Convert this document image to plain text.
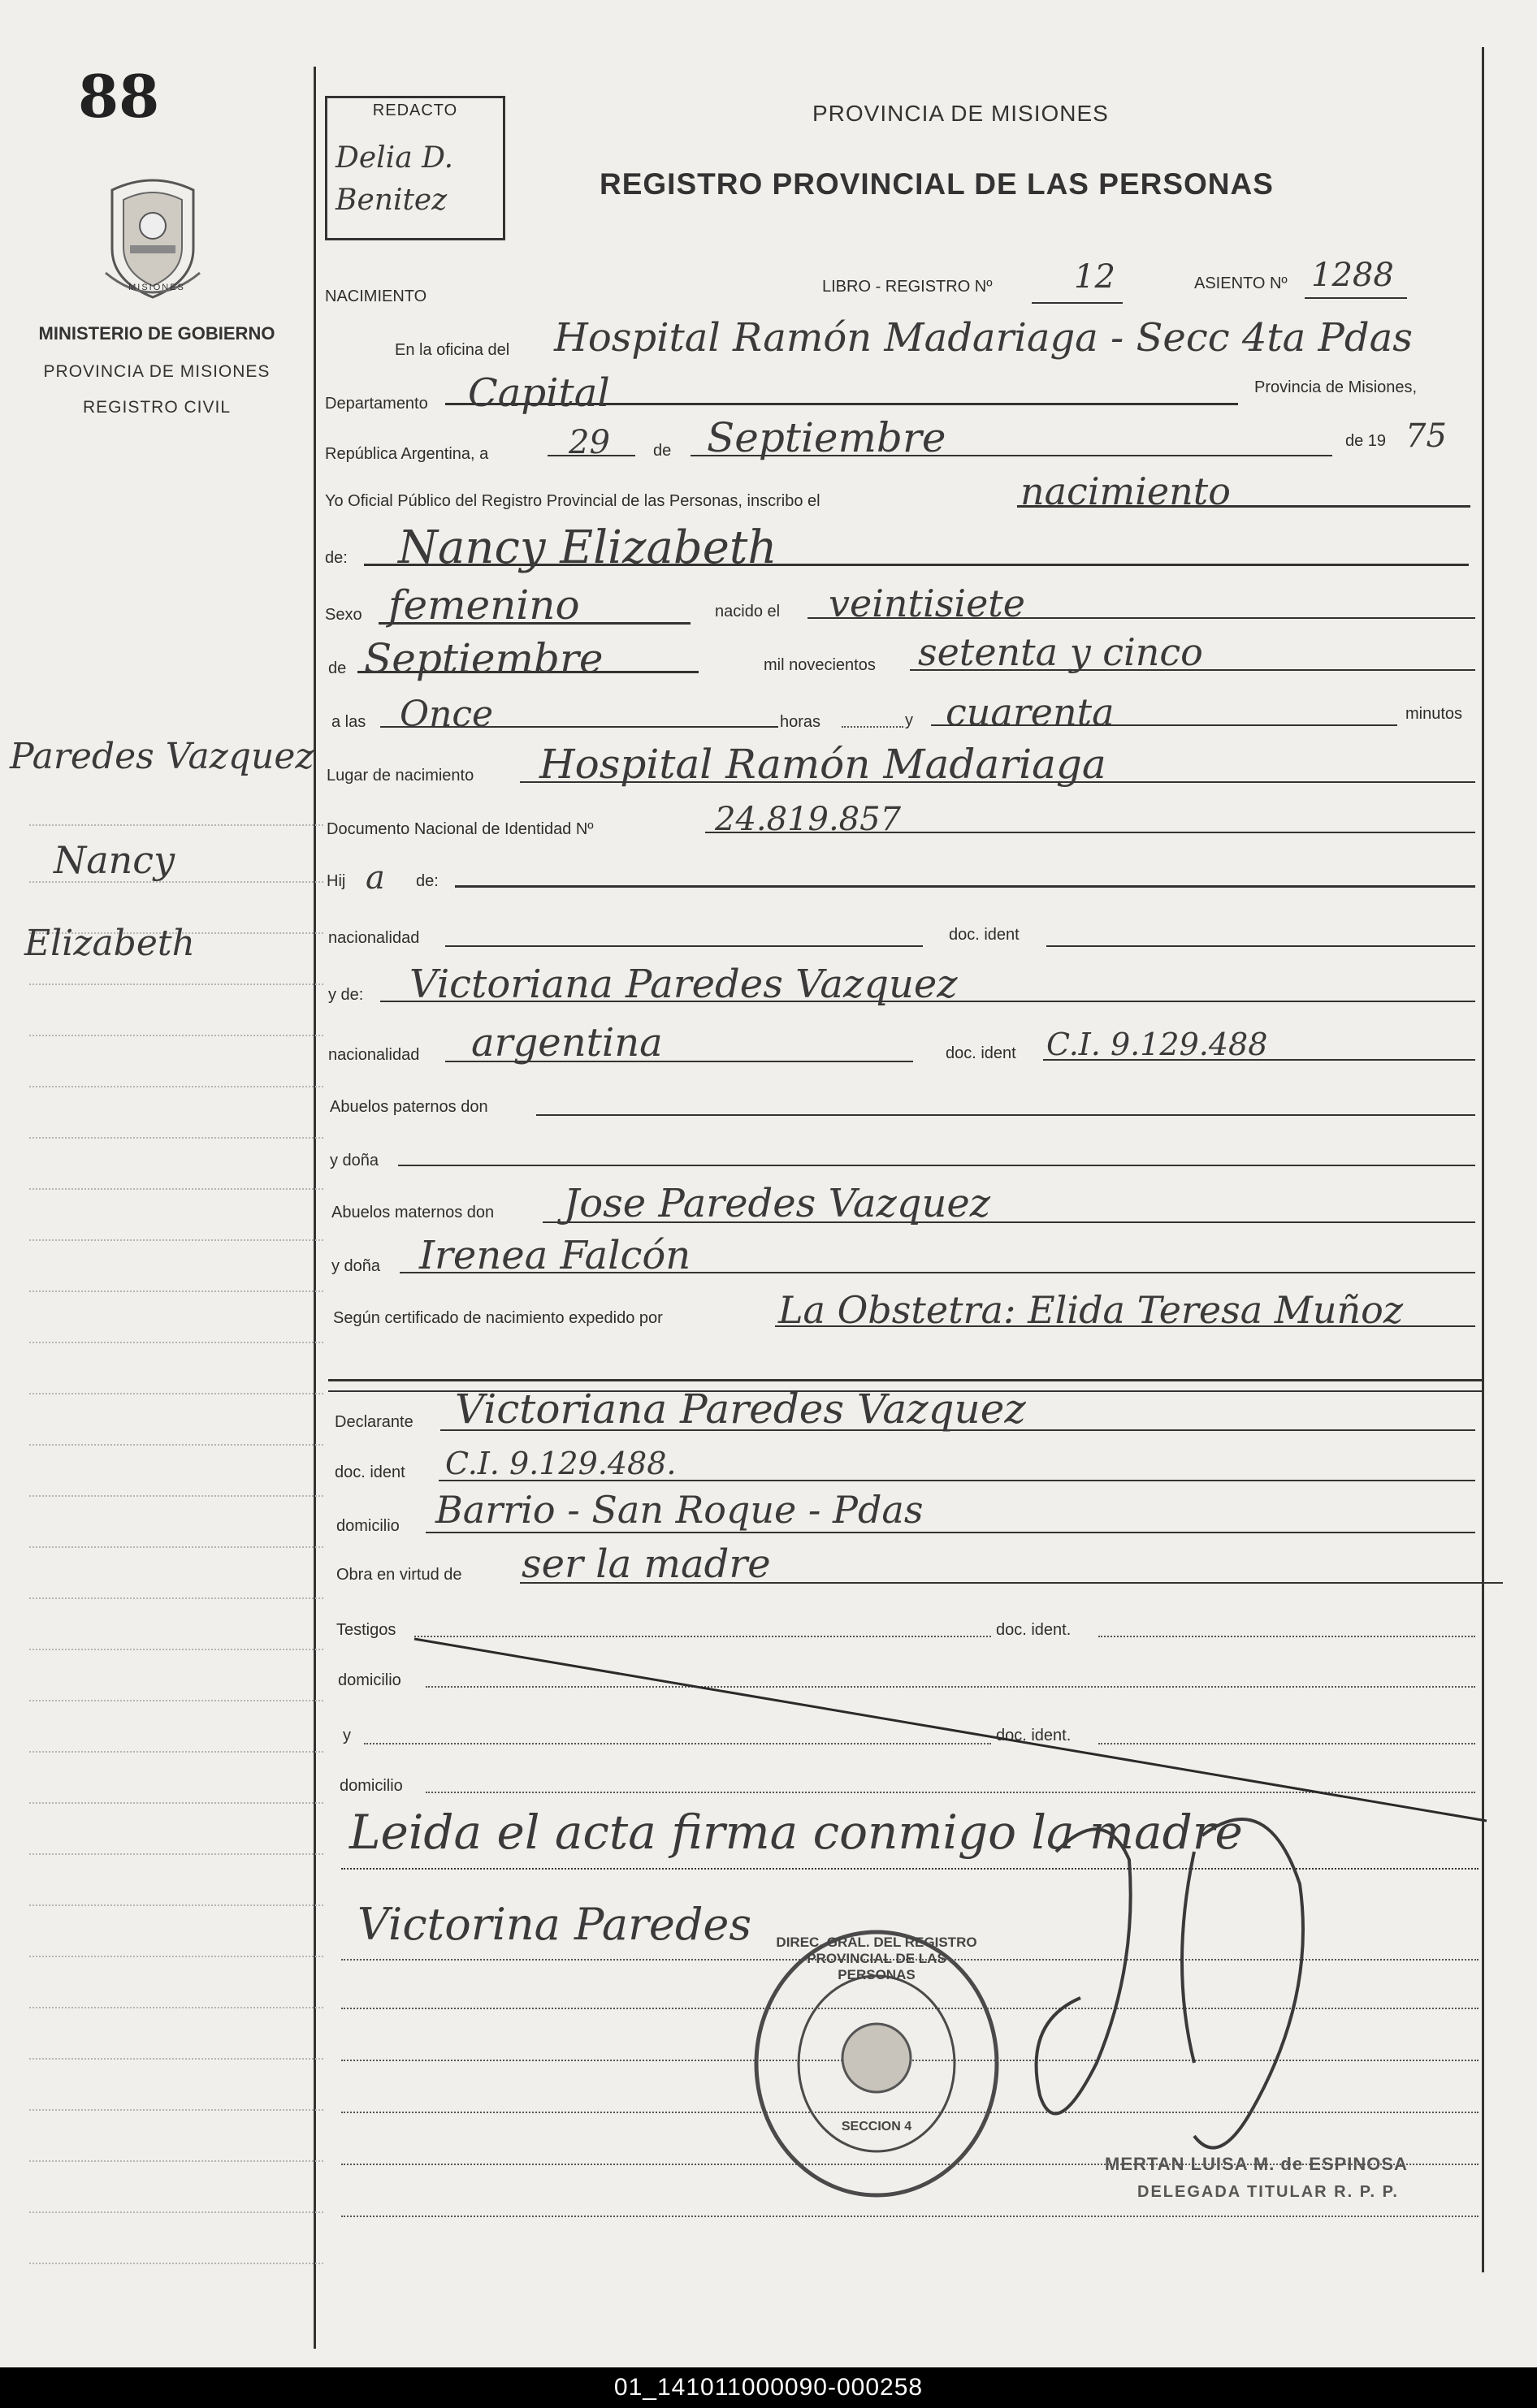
88
MISIONES
MINISTERIO DE GOBIERNO
PROVINCIA DE MISIONES
REGISTRO CIVIL
Paredes Vazquez
Nancy
Elizabeth
REDACTO
Delia D. Benitez
PROVINCIA DE MISIONES
REGISTRO PROVINCIAL DE LAS PERSONAS
NACIMIENTO
LIBRO - REGISTRO Nº	12	ASIENTO Nº 1288
En la oficina del Hospital Ramón Madariaga - Secc 4ta Pdas
Departamento Capital	Provincia de Misiones,
República Argentina, a 29	de Septiembre	de 19 75
Yo Oficial Público del Registro Provincial de las Personas, inscribo el	nacimiento
de: Nancy Elizabeth
Sexo femenino	nacido el veintisiete
de Septiembre	mil novecientos setenta y cinco
a las Once	horas	y cuarenta	minutos
Lugar de nacimiento Hospital Ramón Madariaga
Documento Nacional de Identidad Nº	24.819.857
Hij a de:
nacionalidad	doc. ident
y de: Victoriana Paredes Vazquez
nacionalidad argentina	doc. ident C.I. 9.129.488
Abuelos paternos don
y doña
Abuelos maternos don Jose Paredes Vazquez
y doña Irenea Falcón
Según certificado de nacimiento expedido por	La Obstetra: Elida Teresa Muñoz
Declarante Victoriana Paredes Vazquez
doc. ident C.I. 9.129.488.
domicilio Barrio - San Roque - Pdas
Obra en virtud de ser la madre
Testigos	doc. ident.
domicilio
y	doc. ident.
domicilio
Leida el acta firma conmigo la madre
Victorina Paredes	DIREC. GRAL. DEL REGISTRO PROVINCIAL DE LAS PERSONAS
SECCION 4
MERTAN LUISA M. de ESPINOSA
DELEGADA TITULAR R. P. P.
01_141011000090-000258
